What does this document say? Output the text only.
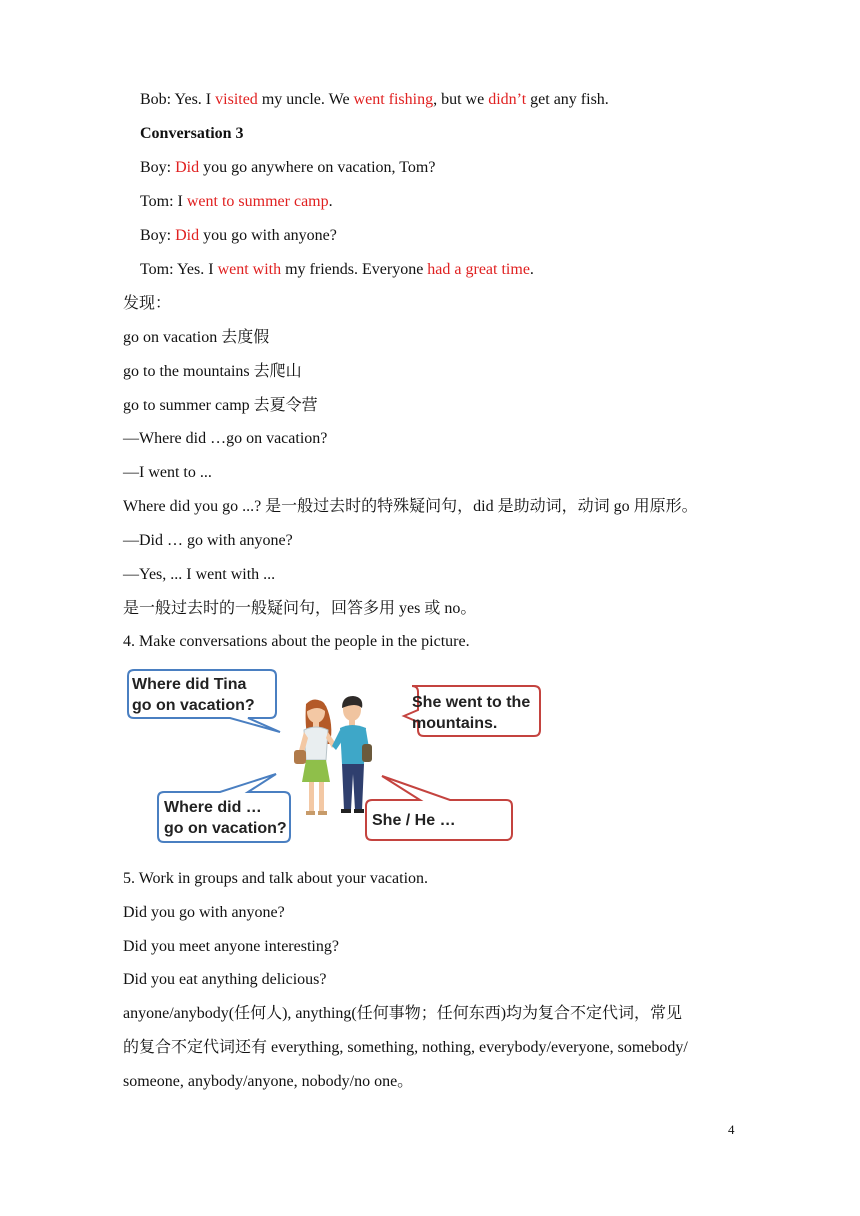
Bob: Yes. I visited my uncle. We went fishing, but we didn’t get any fish.
Conversation 3
Boy: Did you go anywhere on vacation, Tom?
Tom: I went to summer camp.
Boy: Did you go with anyone?
Tom: Yes. I went with my friends. Everyone had a great time.
发现：
go on vacation 去度假
go to the mountains 去爬山
go to summer camp 去夏令营
—Where did …go on vacation?
—I went to ...
Where did you go ...? 是一般过去时的特殊疑问句，did 是助动词，动词 go 用原形。
—Did … go with anyone?
—Yes, ... I went with ...
是一般过去时的一般疑问句，回答多用 yes 或 no。
4. Make conversations about the people in the picture.
Where did Tina
go on vacation?	She went to the
mountains.
Where did …
go on vacation?	She / He …
5. Work in groups and talk about your vacation.
Did you go with anyone?
Did you meet anyone interesting?
Did you eat anything delicious?
anyone/anybody(任何人), anything(任何事物；任何东西)均为复合不定代词，常见
的复合不定代词还有 everything, something, nothing, everybody/everyone, somebody/
someone, anybody/anyone, nobody/no one。
4
